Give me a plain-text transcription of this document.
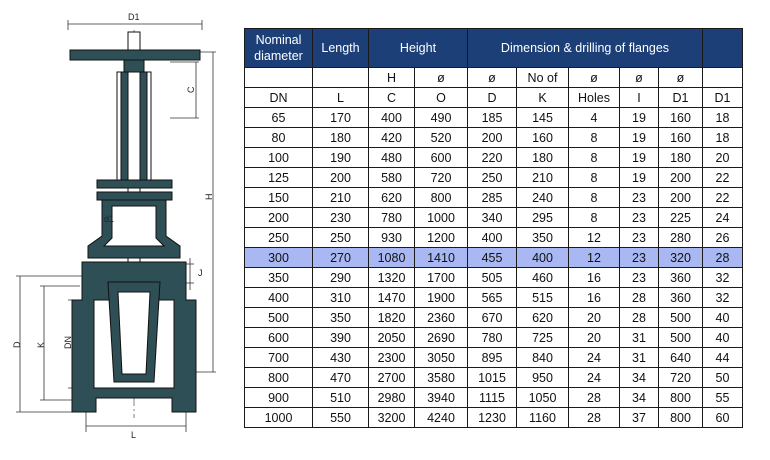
D1
C
H
d1
J
D K DN
L
Nominal diameter	Length	Height		Dimension & drilling of flanges					
		H	ø	ø	No of	ø	ø	ø	
DN	L	C	O	D	K	Holes	I	D1	D1
65	170	400	490	185	145	4	19	160	18
80	180	420	520	200	160	8	19	160	18
100	190	480	600	220	180	8	19	180	20
125	200	580	720	250	210	8	19	200	22
150	210	620	800	285	240	8	23	200	22
200	230	780	1000	340	295	8	23	225	24
250	250	930	1200	400	350	12	23	280	26
300	270	1080	1410	455	400	12	23	320	28
350	290	1320	1700	505	460	16	23	360	32
400	310	1470	1900	565	515	16	28	360	32
500	350	1820	2360	670	620	20	28	500	40
600	390	2050	2690	780	725	20	31	500	40
700	430	2300	3050	895	840	24	31	640	44
800	470	2700	3580	1015	950	24	34	720	50
900	510	2980	3940	1115	1050	28	34	800	55
1000	550	3200	4240	1230	1160	28	37	800	60
